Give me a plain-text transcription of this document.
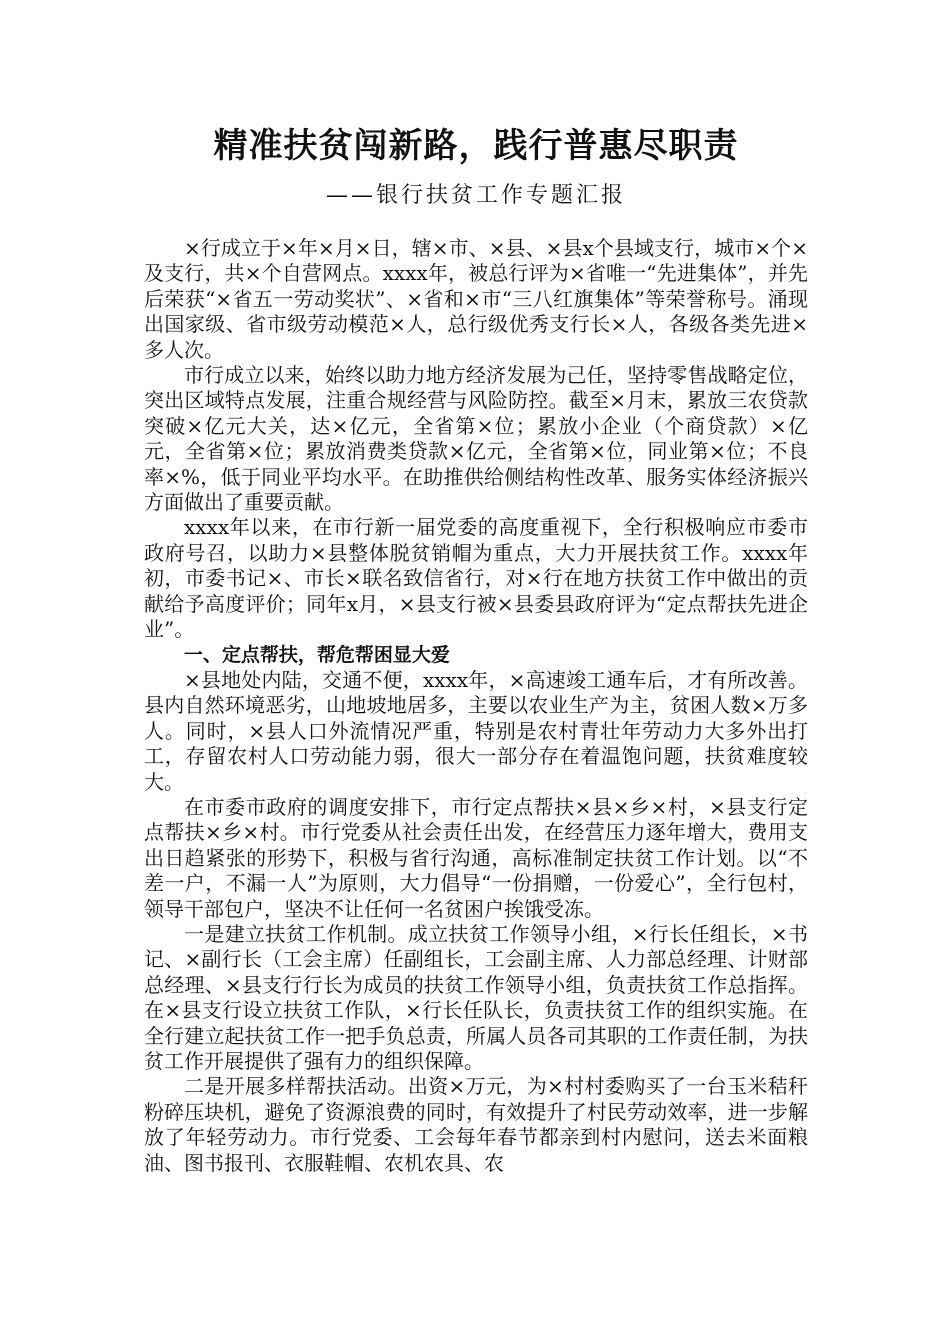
精准扶贫闯新路，践行普惠尽职责
——银行扶贫工作专题汇报

×行成立于×年×月×日，辖×市、×县、×县x个县域支行，城市×个×及支行，共×个自营网点。xxxx年，被总行评为×省唯一“先进集体”，并先后荣获“×省五一劳动奖状”、×省和×市“三八红旗集体”等荣誉称号。涌现出国家级、省市级劳动模范×人，总行级优秀支行长×人，各级各类先进×多人次。

市行成立以来，始终以助力地方经济发展为己任，坚持零售战略定位，突出区域特点发展，注重合规经营与风险防控。截至×月末，累放三农贷款突破×亿元大关，达×亿元，全省第×位；累放小企业（个商贷款）×亿元，全省第×位；累放消费类贷款×亿元，全省第×位，同业第×位；不良率×%，低于同业平均水平。在助推供给侧结构性改革、服务实体经济振兴方面做出了重要贡献。

xxxx年以来，在市行新一届党委的高度重视下，全行积极响应市委市政府号召，以助力×县整体脱贫销帽为重点，大力开展扶贫工作。xxxx年初，市委书记×、市长×联名致信省行，对×行在地方扶贫工作中做出的贡献给予高度评价；同年x月，×县支行被×县委县政府评为“定点帮扶先进企业”。

一、定点帮扶，帮危帮困显大爱

×县地处内陆，交通不便，xxxx年，×高速竣工通车后，才有所改善。县内自然环境恶劣，山地坡地居多，主要以农业生产为主，贫困人数×万多人。同时，×县人口外流情况严重，特别是农村青壮年劳动力大多外出打工，存留农村人口劳动能力弱，很大一部分存在着温饱问题，扶贫难度较大。

在市委市政府的调度安排下，市行定点帮扶×县×乡×村，×县支行定点帮扶×乡×村。市行党委从社会责任出发，在经营压力逐年增大，费用支出日趋紧张的形势下，积极与省行沟通，高标准制定扶贫工作计划。以“不差一户，不漏一人”为原则，大力倡导“一份捐赠，一份爱心”，全行包村，领导干部包户，坚决不让任何一名贫困户挨饿受冻。

一是建立扶贫工作机制。成立扶贫工作领导小组，×行长任组长，×书记、×副行长（工会主席）任副组长，工会副主席、人力部总经理、计财部总经理、×县支行行长为成员的扶贫工作领导小组，负责扶贫工作总指挥。在×县支行设立扶贫工作队，×行长任队长，负责扶贫工作的组织实施。在全行建立起扶贫工作一把手负总责，所属人员各司其职的工作责任制，为扶贫工作开展提供了强有力的组织保障。

二是开展多样帮扶活动。出资×万元，为×村村委购买了一台玉米秸秆粉碎压块机，避免了资源浪费的同时，有效提升了村民劳动效率，进一步解放了年轻劳动力。市行党委、工会每年春节都亲到村内慰问，送去米面粮油、图书报刊、衣服鞋帽、农机农具、农
